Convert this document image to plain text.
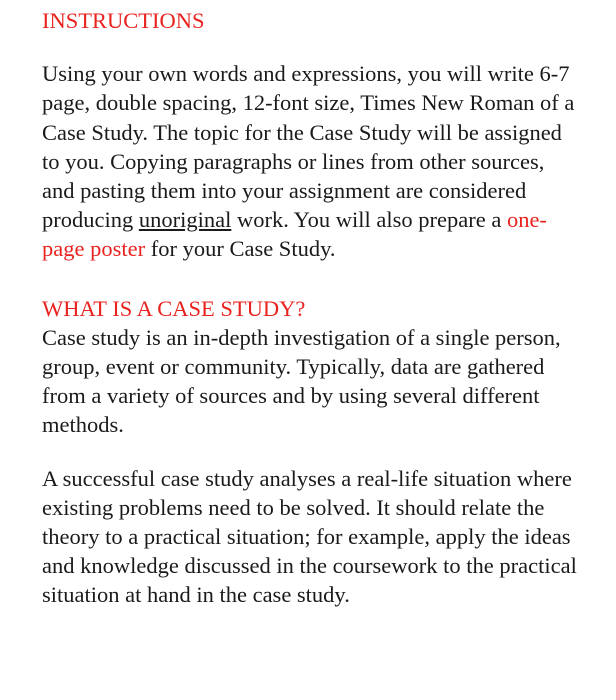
INSTRUCTIONS

Using your own words and expressions, you will write 6-7 page, double spacing, 12-font size, Times New Roman of a Case Study. The topic for the Case Study will be assigned to you. Copying paragraphs or lines from other sources, and pasting them into your assignment are considered producing unoriginal work. You will also prepare a one-page poster for your Case Study.

WHAT IS A CASE STUDY?

Case study is an in-depth investigation of a single person, group, event or community. Typically, data are gathered from a variety of sources and by using several different methods.

A successful case study analyses a real-life situation where existing problems need to be solved. It should relate the theory to a practical situation; for example, apply the ideas and knowledge discussed in the coursework to the practical situation at hand in the case study.
